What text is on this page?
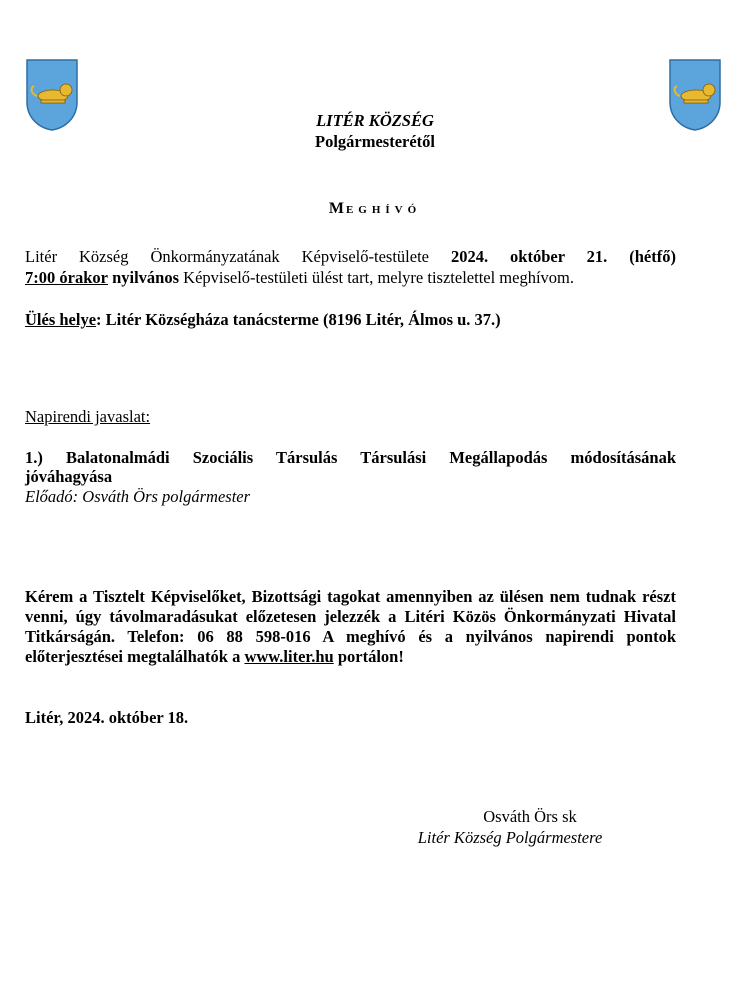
LITÉR KÖZSÉG
Polgármesterétől
MEGHÍVÓ
Litér Község Önkormányzatának Képviselő-testülete 2024. október 21. (hétfő)
7:00 órakor nyilvános Képviselő-testületi ülést tart, melyre tisztelettel meghívom.
Ülés helye: Litér Községháza tanácsterme (8196 Litér, Álmos u. 37.)
Napirendi javaslat:
1.) Balatonalmádi Szociális Társulás Társulási Megállapodás módosításának
jóváhagyása
Előadó: Osváth Örs polgármester
Kérem a Tisztelt Képviselőket, Bizottsági tagokat amennyiben az ülésen nem tudnak részt
venni, úgy távolmaradásukat előzetesen jelezzék a Litéri Közös Önkormányzati Hivatal
Titkárságán. Telefon: 06 88 598-016 A meghívó és a nyilvános napirendi pontok
előterjesztései megtalálhatók a www.liter.hu portálon!
Litér, 2024. október 18.
Osváth Örs sk
Litér Község Polgármestere
